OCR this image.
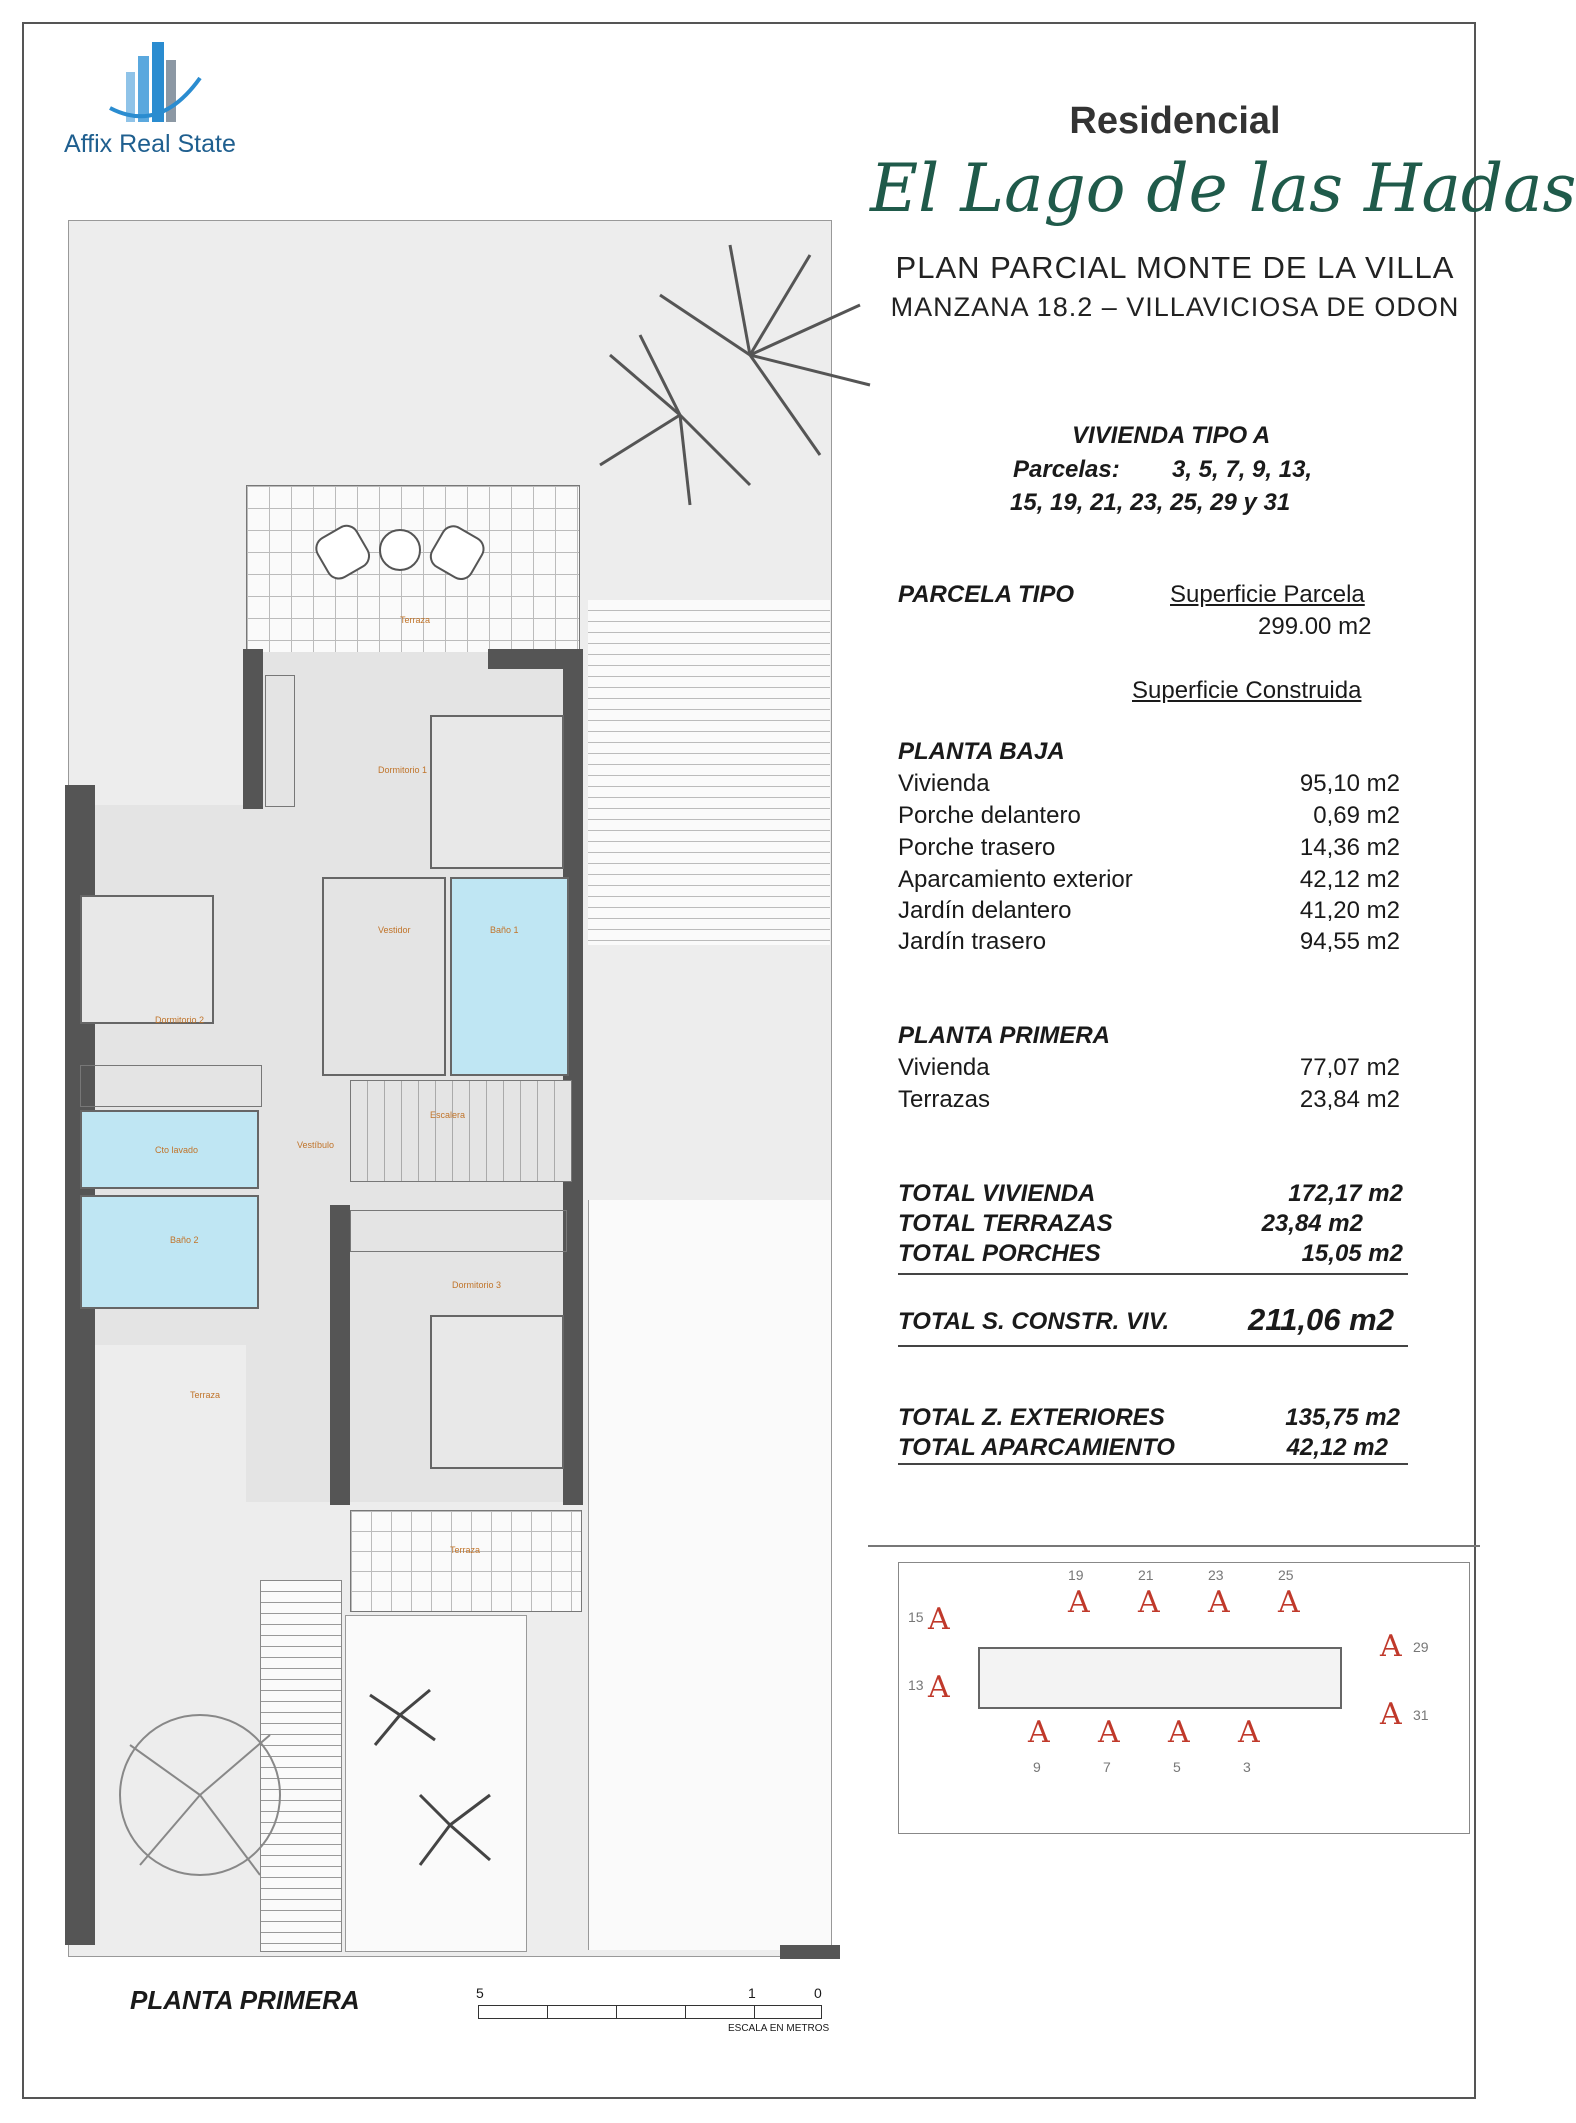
Affix Real State
Residencial
El Lago de las Hadas
PLAN PARCIAL MONTE DE LA VILLA
MANZANA 18.2 – VILLAVICIOSA DE ODON
VIVIENDA TIPO A
Parcelas: 3, 5, 7, 9, 13,
15, 19, 21, 23, 25, 29 y 31
PARCELA TIPO	Superficie Parcela
299.00 m2
Superficie Construida
PLANTA BAJA
Vivienda	95,10 m2
Porche delantero	0,69 m2
Porche trasero	14,36 m2
Aparcamiento exterior	42,12 m2
Jardín delantero	41,20 m2
Jardín trasero	94,55 m2
PLANTA PRIMERA
Vivienda	77,07 m2
Terrazas	23,84 m2
TOTAL VIVIENDA	172,17 m2
TOTAL TERRAZAS	23,84 m2
TOTAL PORCHES	15,05 m2
TOTAL S. CONSTR. VIV.	211,06 m2
TOTAL Z. EXTERIORES	135,75 m2
TOTAL APARCAMIENTO	42,12 m2
Terraza
Dormitorio 1
Vestidor	Baño 1
Dormitorio 2
Escalera
Vestíbulo
Cto lavado
Baño 2
Dormitorio 3
Terraza
Terraza
PLANTA PRIMERA	5	1	0
ESCALA EN METROS
19	21	23	25
A A A A
15 A
13 A
A 29
A 31
A A A A
9	7	5	3
